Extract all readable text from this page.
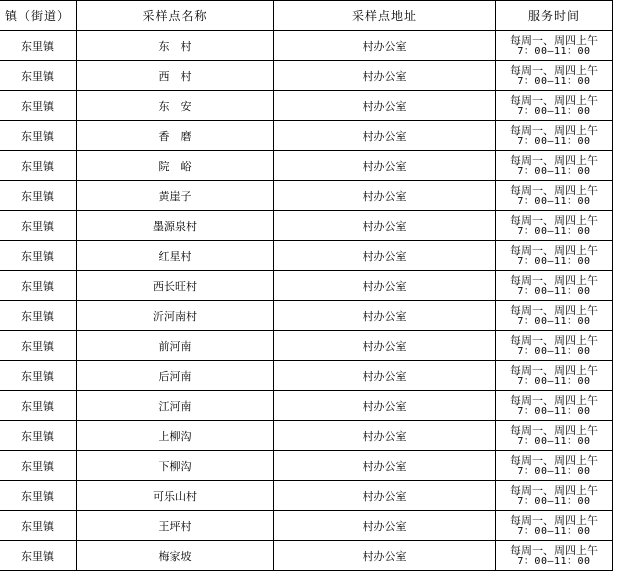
镇（街道）	采样点名称	采样点地址	服务时间
东里镇	东　村	村办公室	每周一、周四上午
7：00—11：00

东里镇	西　村	村办公室	每周一、周四上午
7：00—11：00

东里镇	东　安	村办公室	每周一、周四上午
7：00—11：00

东里镇	香　磨	村办公室	每周一、周四上午
7：00—11：00

东里镇	院　峪	村办公室	每周一、周四上午
7：00—11：00

东里镇	黄崖子	村办公室	每周一、周四上午
7：00—11：00

东里镇	墨源泉村	村办公室	每周一、周四上午
7：00—11：00

东里镇	红星村	村办公室	每周一、周四上午
7：00—11：00

东里镇	西长旺村	村办公室	每周一、周四上午
7：00—11：00

东里镇	沂河南村	村办公室	每周一、周四上午
7：00—11：00

东里镇	前河南	村办公室	每周一、周四上午
7：00—11：00

东里镇	后河南	村办公室	每周一、周四上午
7：00—11：00

东里镇	江河南	村办公室	每周一、周四上午
7：00—11：00

东里镇	上柳沟	村办公室	每周一、周四上午
7：00—11：00

东里镇	下柳沟	村办公室	每周一、周四上午
7：00—11：00

东里镇	可乐山村	村办公室	每周一、周四上午
7：00—11：00

东里镇	王坪村	村办公室	每周一、周四上午
7：00—11：00

东里镇	梅家坡	村办公室	每周一、周四上午
7：00—11：00
